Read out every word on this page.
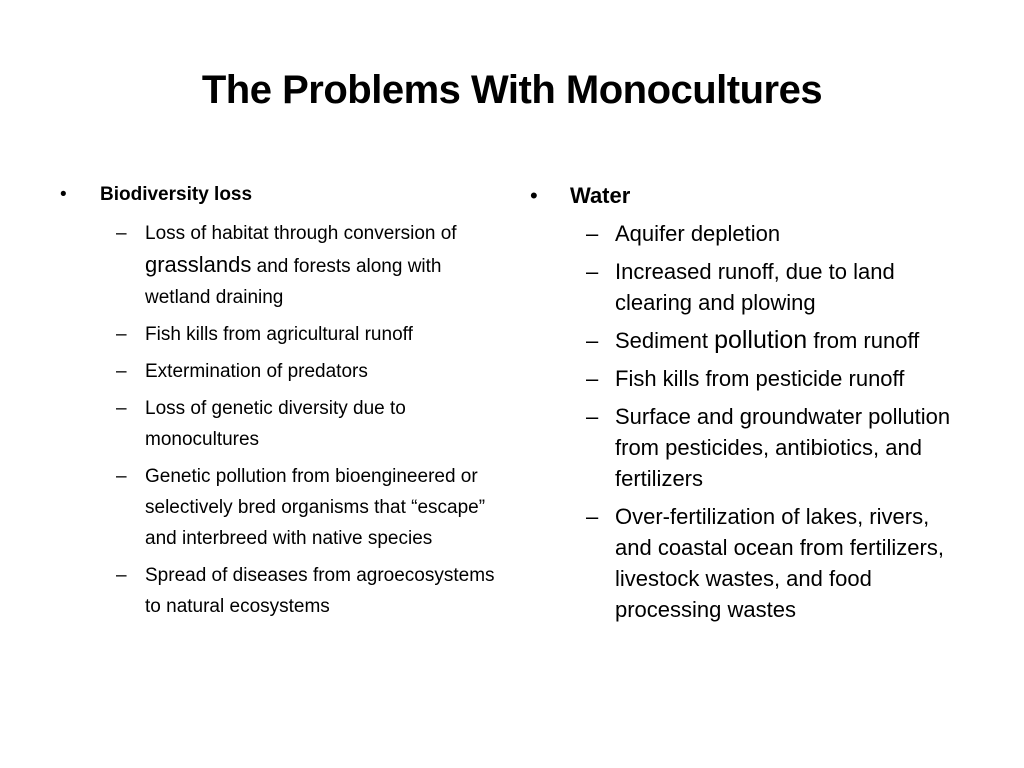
The Problems With Monocultures
• Biodiversity loss
– Loss of habitat through conversion of grasslands and forests along with wetland draining
– Fish kills from agricultural runoff
– Extermination of predators
– Loss of genetic diversity due to monocultures
– Genetic pollution from bioengineered or selectively bred organisms that “escape” and interbreed with native species
– Spread of diseases from agroecosystems to natural ecosystems
• Water
– Aquifer depletion
– Increased runoff, due to land clearing and plowing
– Sediment pollution from runoff
– Fish kills from pesticide runoff
– Surface and groundwater pollution from pesticides, antibiotics, and fertilizers
– Over-fertilization of lakes, rivers, and coastal ocean from fertilizers, livestock wastes, and food processing wastes
